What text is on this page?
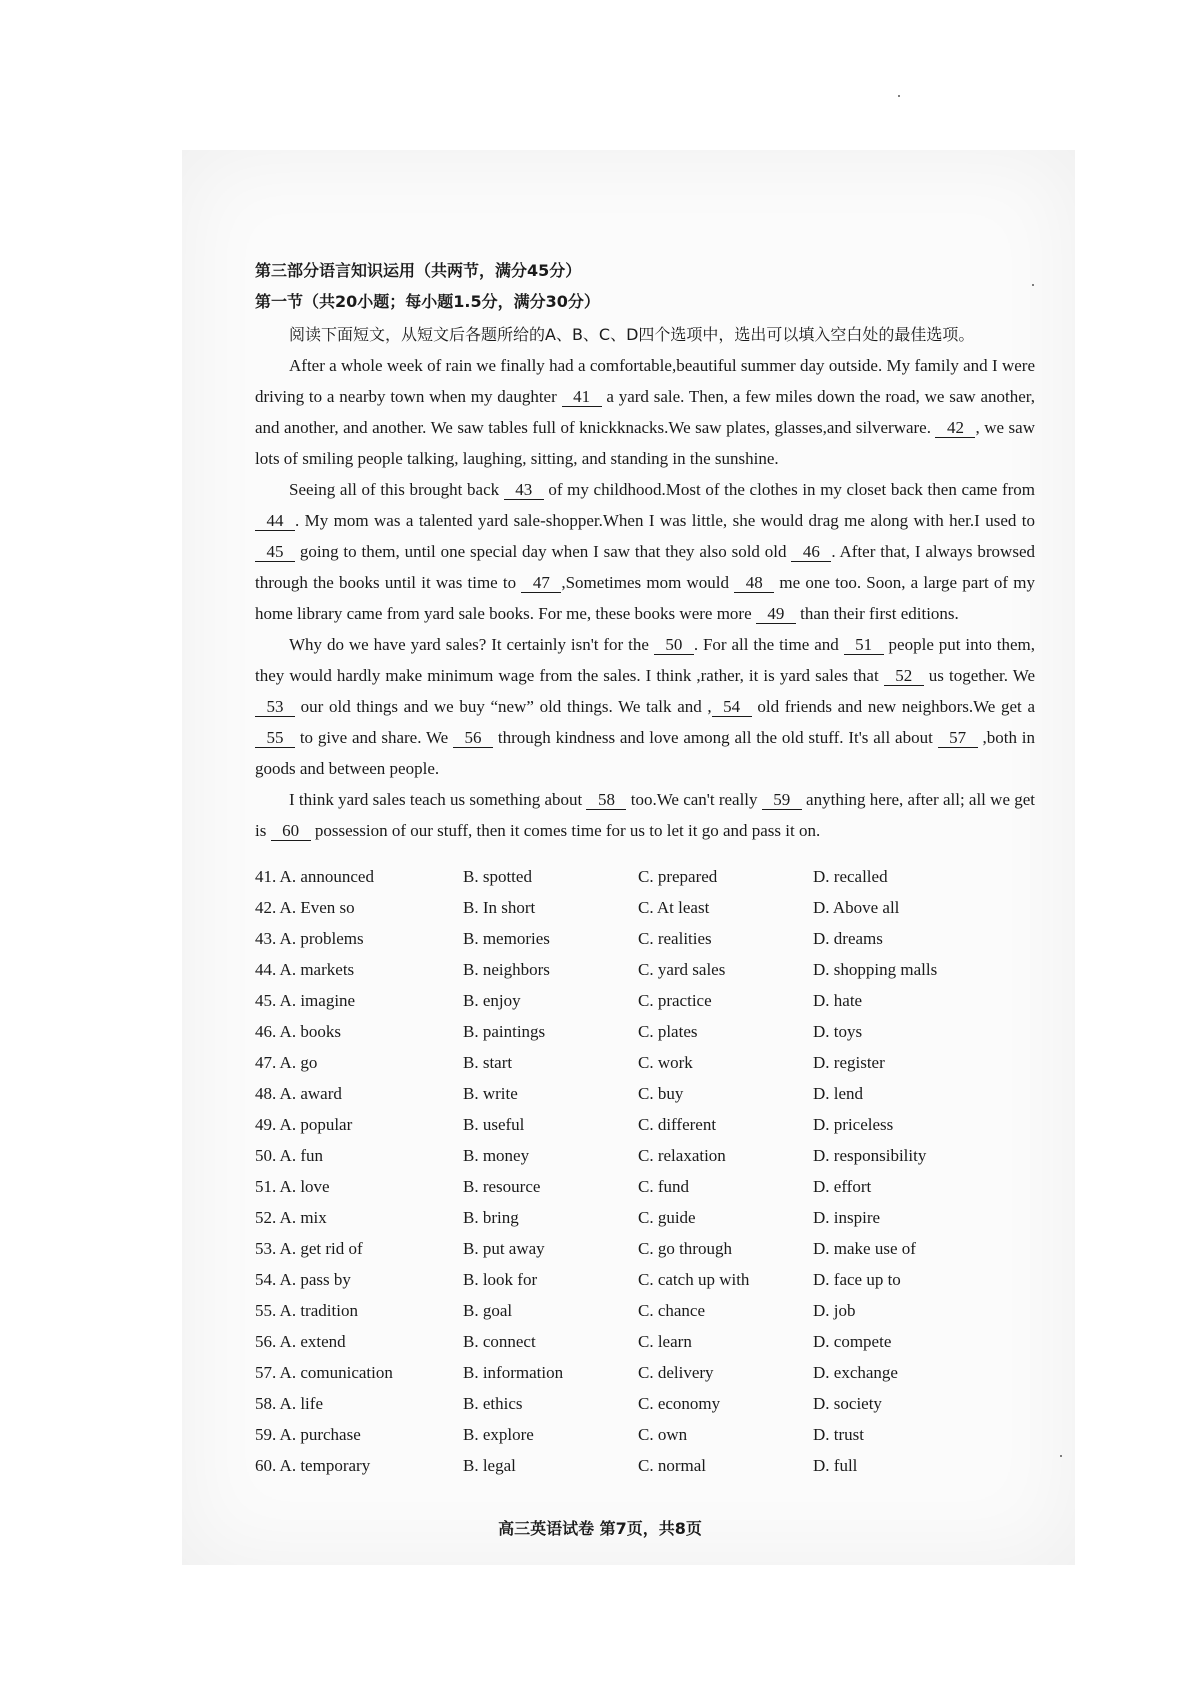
第三部分语言知识运用（共两节，满分45分）
第一节（共20小题；每小题1.5分，满分30分）
阅读下面短文，从短文后各题所给的A、B、C、D四个选项中，选出可以填入空白处的最佳选项。
After a whole week of rain we finally had a comfortable,beautiful summer day outside. My family and I were driving to a nearby town when my daughter 41 a yard sale. Then, a few miles down the road, we saw another, and another, and another. We saw tables full of knickknacks.We saw plates, glasses,and silverware. 42 , we saw lots of smiling people talking, laughing, sitting, and standing in the sunshine.
Seeing all of this brought back 43 of my childhood.Most of the clothes in my closet back then came from 44 . My mom was a talented yard sale-shopper.When I was little, she would drag me along with her.I used to 45 going to them, until one special day when I saw that they also sold old 46 . After that, I always browsed through the books until it was time to 47 ,Sometimes mom would 48 me one too. Soon, a large part of my home library came from yard sale books. For me, these books were more 49 than their first editions.
Why do we have yard sales? It certainly isn't for the 50 . For all the time and 51 people put into them, they would hardly make minimum wage from the sales. I think ,rather, it is yard sales that 52 us together. We 53 our old things and we buy “new” old things. We talk and , 54 old friends and new neighbors.We get a 55 to give and share. We 56 through kindness and love among all the old stuff. It's all about 57 ,both in goods and between people.
I think yard sales teach us something about 58 too.We can't really 59 anything here, after all; all we get is 60 possession of our stuff, then it comes time for us to let it go and pass it on.
41. A. announced	B. spotted	C. prepared	D. recalled
42. A. Even so	B. In short	C. At least	D. Above all
43. A. problems	B. memories	C. realities	D. dreams
44. A. markets	B. neighbors	C. yard sales	D. shopping malls
45. A. imagine	B. enjoy	C. practice	D. hate
46. A. books	B. paintings	C. plates	D. toys
47. A. go	B. start	C. work	D. register
48. A. award	B. write	C. buy	D. lend
49. A. popular	B. useful	C. different	D. priceless
50. A. fun	B. money	C. relaxation	D. responsibility
51. A. love	B. resource	C. fund	D. effort
52. A. mix	B. bring	C. guide	D. inspire
53. A. get rid of	B. put away	C. go through	D. make use of
54. A. pass by	B. look for	C. catch up with	D. face up to
55. A. tradition	B. goal	C. chance	D. job
56. A. extend	B. connect	C. learn	D. compete
57. A. comunication	B. information	C. delivery	D. exchange
58. A. life	B. ethics	C. economy	D. society
59. A. purchase	B. explore	C. own	D. trust
60. A. temporary	B. legal	C. normal	D. full
高三英语试卷 第7页，共8页
